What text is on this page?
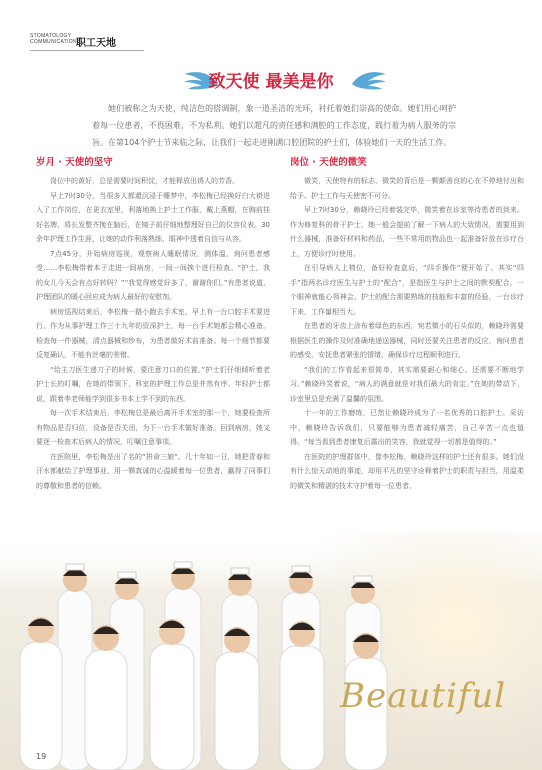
STOMATOLOGY
COMMUNICATION 职工天地
致天使 最美是你

她们被称之为天使，纯洁色的搭调制，象一道圣洁的光环，衬托着她们崇高的使命。她们用心呵护着每一位患者，不畏困难，不为私利。她们以超凡的责任感和满腔的工作态度，践行着为病人服务的宗旨。在第104个护士节来临之际，让我们一起走进刚满口腔团院的护士们，体验她们一天的生活工作。

岁月 · 天使的坚守

岗位中的黄好，总是需要时间积淀，才能释放出诱人的芳香。

早上7时30分，当很多人都還沉浸于睡梦中，李松梅已经换好白大褂进入了工作岗位，在更衣室里，利落地换上护士工作服，戴上燕帽，在胸前挂好名牌，将长发整齐挽在脑后，在镜子前仔细地整理好自己的仪容仪表。30余年护理工作生涯，让她的动作利落熟练，眼神中透着自信与从容。

7点45分，开始病房巡视，观察病人睡眠情况，测体温、询问患者感受……李松梅带着本子走进一间病房，一间一间挨个进行检查。“护士，我的女儿今天会有点好转吗？”“我觉得感觉好多了，谢谢你们。”有患者说道，护理团队的暖心回应成为病人最好的安慰剂。

病房巡视结束后，李松梅一路小跑去手术室，早上有一台口腔手术要进行。作为从事护理工作三十九年的资深护士，每一台手术她都会精心准备。检查每一件器械，清点器械和纱布，为患者做好术前准备。每一个细节都要反复确认，不能有丝毫的差错。

“给主刀医生递刀子的时候，要注意刀口的位置。”护士们仔细倾听着老护士长的叮嘱，在她的带领下，科室的护理工作总是井然有序。年轻护士都说，跟着李老师能学到很多书本上学不到的东西。

每一次手术结束后，李松梅总是最后离开手术室的那一个，她要检查所有物品是否归位，设备是否关闭，为下一台手术做好准备。回到病房，她又要逐一检查术后病人的情况，叮嘱注意事项。

在医院里，李松梅是出了名的“拼命三娘”。几十年如一日，她把青春和汗水都献给了护理事业，用一颗真诚的心温暖着每一位患者，赢得了同事们的尊敬和患者的信赖。

岗位 · 天使的微笑

微笑，天使特有的标志，微笑的背后是一颗颠善良的心在不停地付出和给予。护士工作与天使密不可分。

早上7时30分，赖晓玲已经着装完毕，微笑着在诊室等待患者的到来。作为修复科的骨干护士，她一般会提前了解一下病人的大致情况，需要用到什么器械，准备好材料和药品，一些不常用的物品也一起准备好放在诊疗台上，方便诊疗时使用。

在引导病人上椅位，备好检查盒后，“四手操作”便开始了。其实“四手”指两名诊疗医生与护士的“配合”，是指医生与护士之间的默契配合，一个眼神就能心领神会。护士的配合需要熟练的技能和丰富的经验，一台诊疗下来，工作量相当大。

在患者的牙齿上涂布着绿色的东西，宛若微小的石头似的，赖晓玲需要根据医生的操作及时准确地递送器械，同时还要关注患者的反应，询问患者的感受，安抚患者紧张的情绪，确保诊疗过程顺利进行。

“我们的工作看起来很简单，其实需要耐心和细心，还需要不断地学习。”赖晓玲笑着说，“病人的满意就是对我们最大的肯定。”在她的带动下，诊室里总是充满了温馨的氛围。

十一年的工作磨练，已然让赖晓玲成为了一名优秀的口腔护士。采访中，赖晓玲告诉我们，只要能够为患者减轻痛苦，自己辛苦一点也值得。“每当看到患者康复后露出的笑容，我就觉得一切都是值得的。”

在医院的护理群体中，像李松梅、赖晓玲这样的护士还有很多。她们没有什么惊天动地的事迹，却用平凡的坚守诠释着护士的职责与担当，用温柔的微笑和精湛的技术守护着每一位患者。

Beautiful
19
